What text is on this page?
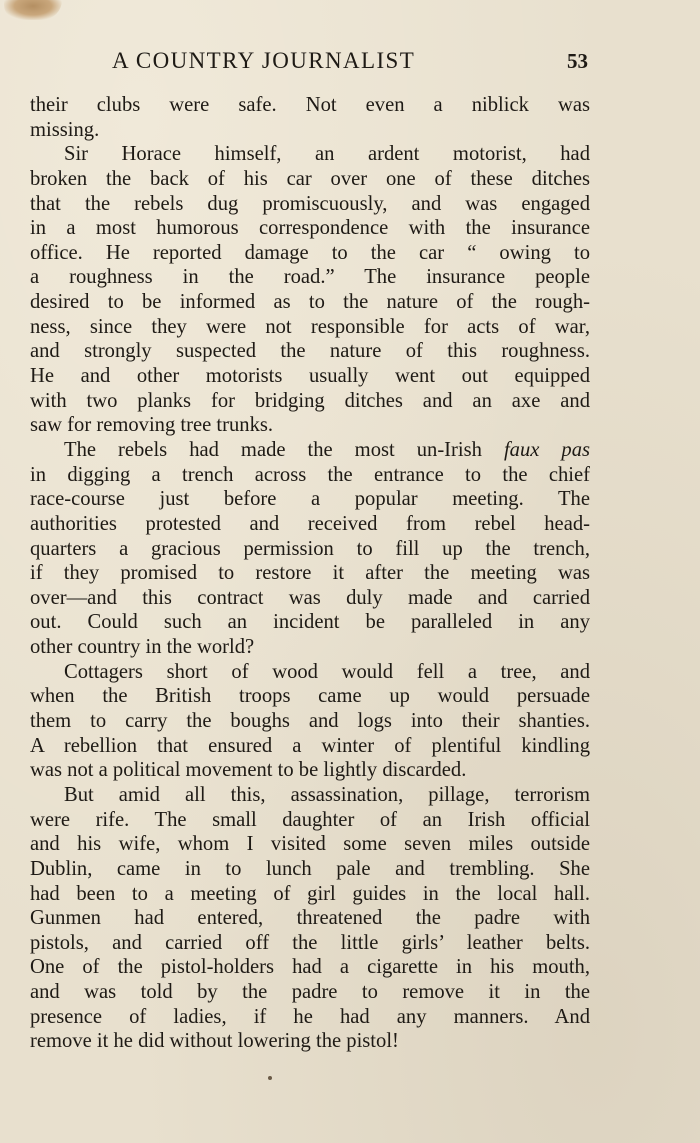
A COUNTRY JOURNALIST	53
their clubs were safe. Not even a niblick was
missing.
Sir Horace himself, an ardent motorist, had
broken the back of his car over one of these ditches
that the rebels dug promiscuously, and was engaged
in a most humorous correspondence with the insurance
office. He reported damage to the car “ owing to
a roughness in the road.” The insurance people
desired to be informed as to the nature of the rough-
ness, since they were not responsible for acts of war,
and strongly suspected the nature of this roughness.
He and other motorists usually went out equipped
with two planks for bridging ditches and an axe and
saw for removing tree trunks.
The rebels had made the most un-Irish faux pas
in digging a trench across the entrance to the chief
race-course just before a popular meeting. The
authorities protested and received from rebel head-
quarters a gracious permission to fill up the trench,
if they promised to restore it after the meeting was
over—and this contract was duly made and carried
out. Could such an incident be paralleled in any
other country in the world?
Cottagers short of wood would fell a tree, and
when the British troops came up would persuade
them to carry the boughs and logs into their shanties.
A rebellion that ensured a winter of plentiful kindling
was not a political movement to be lightly discarded.
But amid all this, assassination, pillage, terrorism
were rife. The small daughter of an Irish official
and his wife, whom I visited some seven miles outside
Dublin, came in to lunch pale and trembling. She
had been to a meeting of girl guides in the local hall.
Gunmen had entered, threatened the padre with
pistols, and carried off the little girls’ leather belts.
One of the pistol-holders had a cigarette in his mouth,
and was told by the padre to remove it in the
presence of ladies, if he had any manners. And
remove it he did without lowering the pistol!
